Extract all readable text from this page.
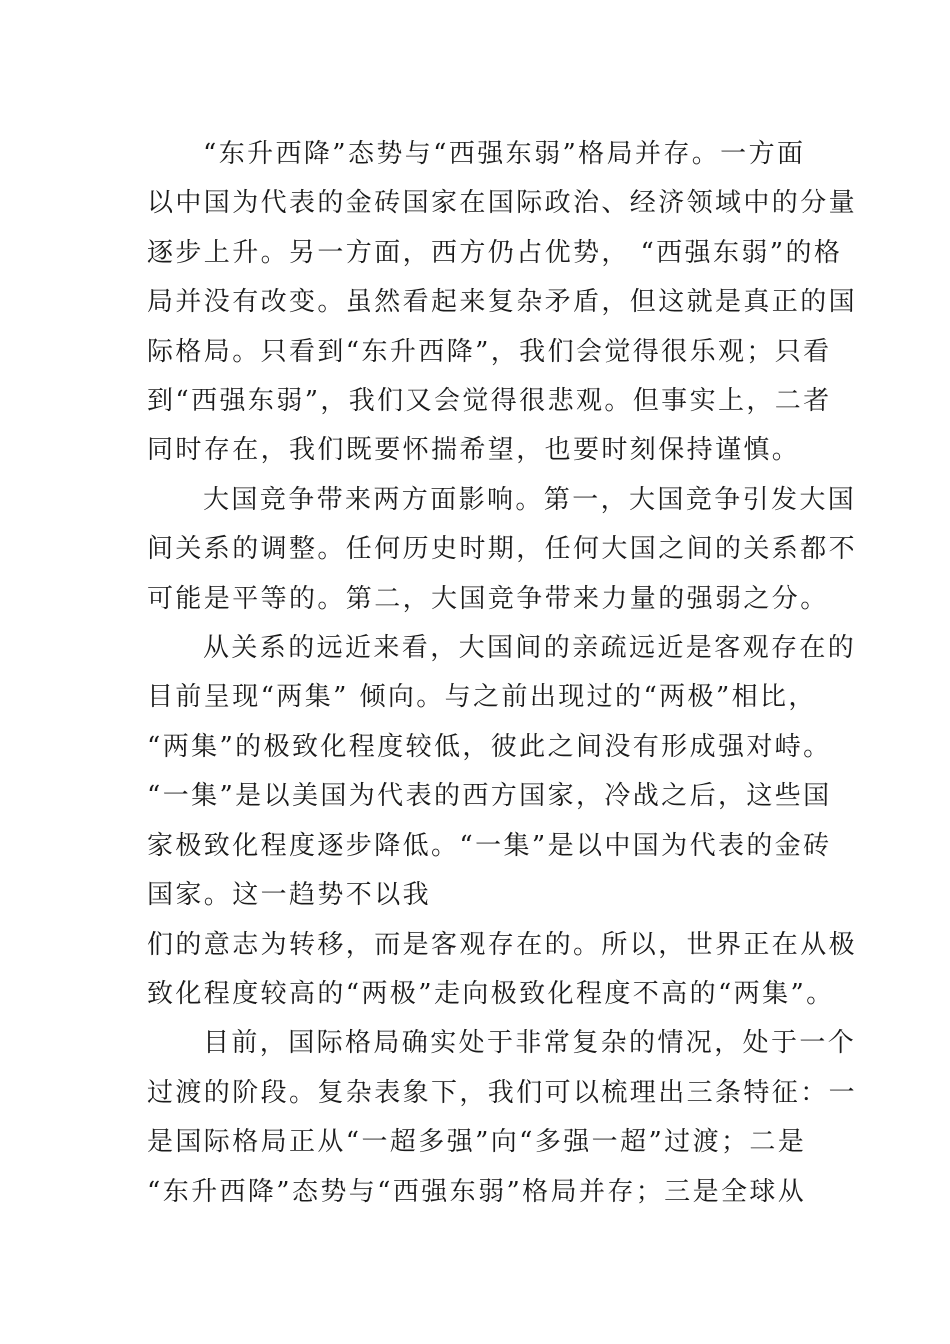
“东升西降”态势与“西强东弱”格局并存。一方面
以中国为代表的金砖国家在国际政治、经济领域中的分量
逐步上升。另一方面，西方仍占优势， “西强东弱”的格
局并没有改变。虽然看起来复杂矛盾，但这就是真正的国
际格局。只看到“东升西降”，我们会觉得很乐观；只看
到“西强东弱”，我们又会觉得很悲观。但事实上，二者
同时存在，我们既要怀揣希望，也要时刻保持谨慎。

大国竞争带来两方面影响。第一，大国竞争引发大国
间关系的调整。任何历史时期，任何大国之间的关系都不
可能是平等的。第二，大国竞争带来力量的强弱之分。

从关系的远近来看，大国间的亲疏远近是客观存在的
目前呈现“两集” 倾向。与之前出现过的“两极”相比，
“两集”的极致化程度较低，彼此之间没有形成强对峙。
“一集”是以美国为代表的西方国家，冷战之后，这些国
家极致化程度逐步降低。“一集”是以中国为代表的金砖
国家。这一趋势不以我

们的意志为转移，而是客观存在的。所以，世界正在从极
致化程度较高的“两极”走向极致化程度不高的“两集”。

目前，国际格局确实处于非常复杂的情况，处于一个
过渡的阶段。复杂表象下，我们可以梳理出三条特征：一
是国际格局正从“一超多强”向“多强一超”过渡；二是
“东升西降”态势与“西强东弱”格局并存；三是全球从
